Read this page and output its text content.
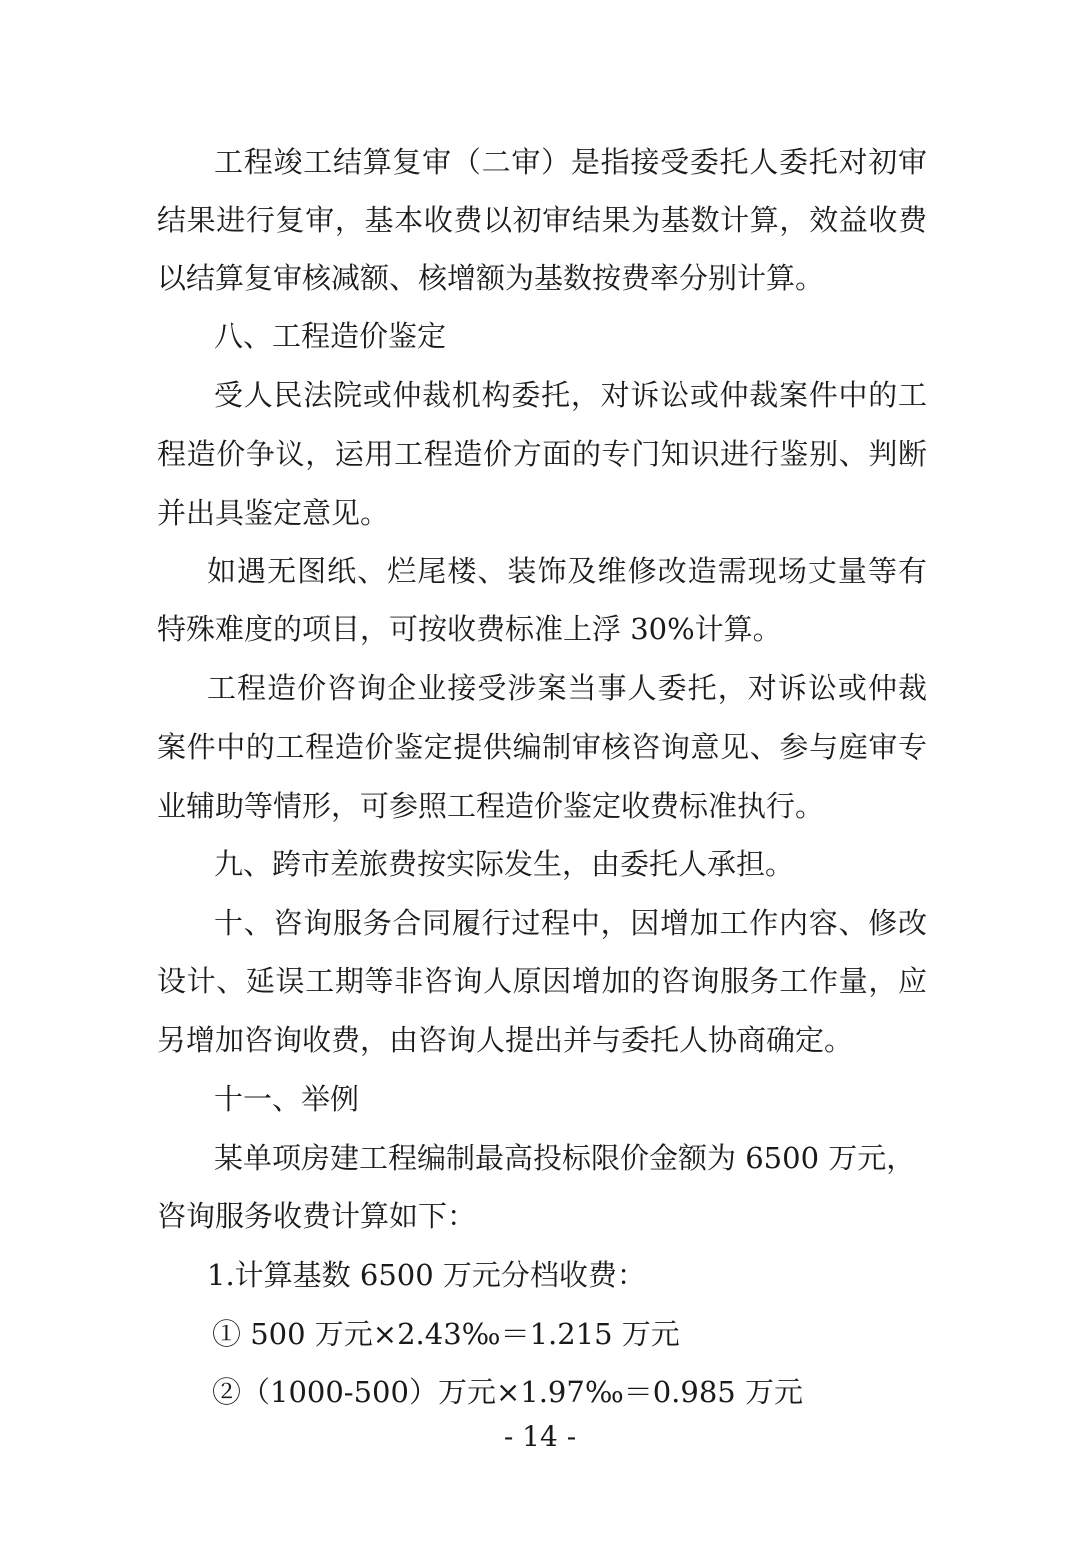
工程竣工结算复审（二审）是指接受委托人委托对初审
结果进行复审，基本收费以初审结果为基数计算，效益收费
以结算复审核减额、核增额为基数按费率分别计算。
八、工程造价鉴定
受人民法院或仲裁机构委托，对诉讼或仲裁案件中的工
程造价争议，运用工程造价方面的专门知识进行鉴别、判断
并出具鉴定意见。
如遇无图纸、烂尾楼、装饰及维修改造需现场丈量等有
特殊难度的项目，可按收费标准上浮 30%计算。
工程造价咨询企业接受涉案当事人委托，对诉讼或仲裁
案件中的工程造价鉴定提供编制审核咨询意见、参与庭审专
业辅助等情形，可参照工程造价鉴定收费标准执行。
九、跨市差旅费按实际发生，由委托人承担。
十、咨询服务合同履行过程中，因增加工作内容、修改
设计、延误工期等非咨询人原因增加的咨询服务工作量，应
另增加咨询收费，由咨询人提出并与委托人协商确定。
十一、举例
某单项房建工程编制最高投标限价金额为 6500 万元，
咨询服务收费计算如下：
1.计算基数 6500 万元分档收费：
① 500 万元×2.43‰＝1.215 万元
②（1000-500）万元×1.97‰＝0.985 万元
- 14 -
